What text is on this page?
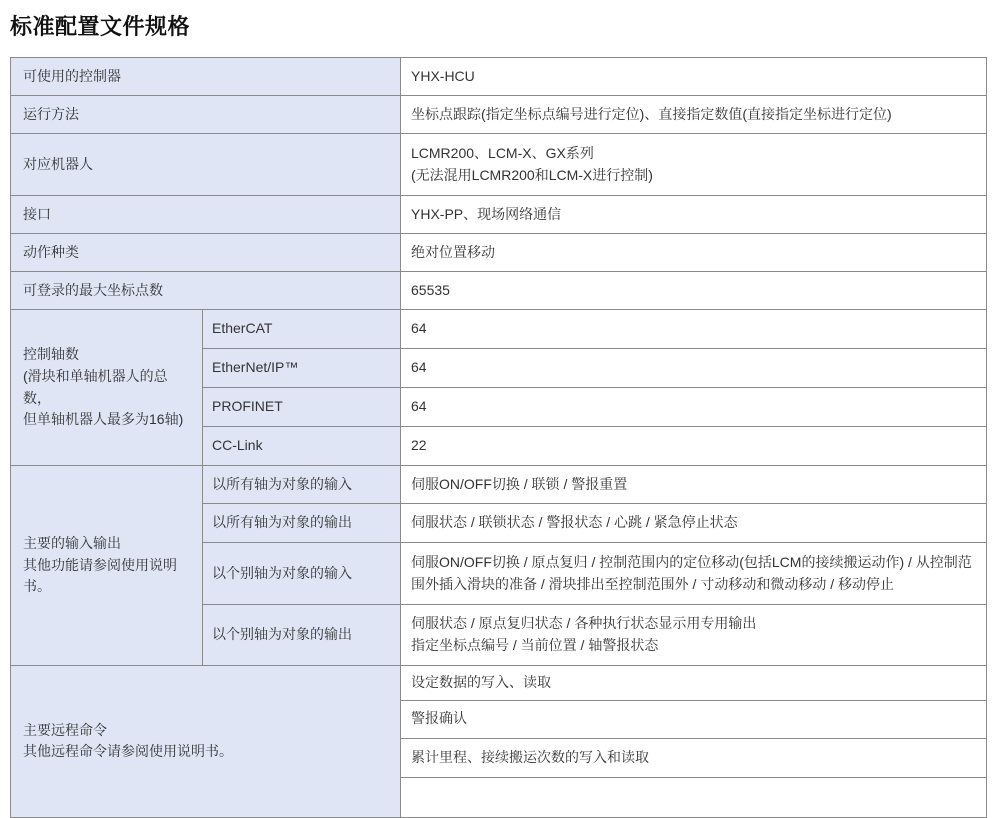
标准配置文件规格
可使用的控制器		YHX-HCU
运行方法		坐标点跟踪(指定坐标点编号进行定位)、直接指定数值(直接指定坐标进行定位)
对应机器人		LCMR200、LCM-X、GX系列
(无法混用LCMR200和LCM-X进行控制)

接口		YHX-PP、现场网络通信
动作种类		绝对位置移动
可登录的最大坐标点数		65535

控制轴数
(滑块和单轴机器人的总数，
但单轴机器人最多为16轴)	EtherCAT	64
	EtherNet/IP™	64
	PROFINET	64
	CC-Link	22

主要的输入输出
其他功能请参阅使用说明书。	以所有轴为对象的输入	伺服ON/OFF切换 / 联锁 / 警报重置
	以所有轴为对象的输出	伺服状态 / 联锁状态 / 警报状态 / 心跳 / 紧急停止状态
	以个别轴为对象的输入	伺服ON/OFF切换 / 原点复归 / 控制范围内的定位移动(包括LCM的接续搬运动作) / 从控制范围外插入滑块的准备 / 滑块排出至控制范围外 / 寸动移动和微动移动 / 移动停止
	以个别轴为对象的输出	伺服状态 / 原点复归状态 / 各种执行状态显示用专用输出
指定坐标点编号 / 当前位置 / 轴警报状态

主要远程命令
其他远程命令请参阅使用说明书。		设定数据的写入、读取
		警报确认
		累计里程、接续搬运次数的写入和读取
